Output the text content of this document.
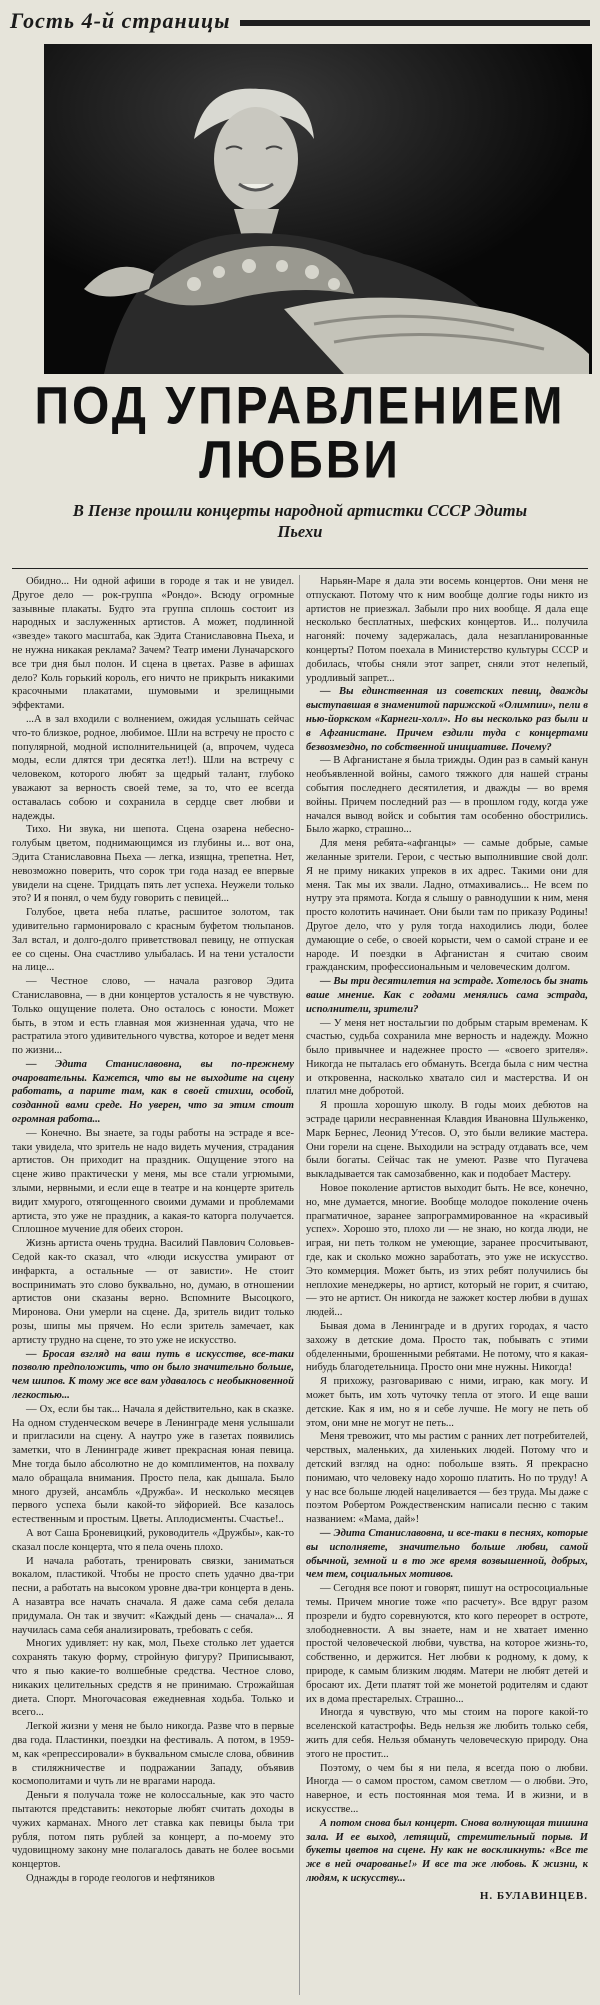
Гость 4-й страницы
ПОД УПРАВЛЕНИЕМ
ЛЮБВИ
В Пензе прошли концерты народной артистки СССР Эдиты Пьехи

Обидно... Ни одной афиши в городе я так и не увидел. Другое дело — рок-группа «Рондо». Всюду огромные зазывные плакаты. Будто эта группа сплошь состоит из народных и заслуженных артистов. А может, подлинной «звезде» такого масштаба, как Эдита Станиславовна Пьеха, и не нужна никакая реклама? Зачем? Театр имени Луначарского все три дня был полон. И сцена в цветах. Разве в афишах дело? Коль горький король, его ничто не прикрыть никакими красочными плакатами, шумовыми и зрелищными эффектами.

...А в зал входили с волнением, ожидая услышать сейчас что-то близкое, родное, любимое. Шли на встречу не просто с популярной, модной исполнительницей (а, впрочем, чудеса моды, если длятся три десятка лет!). Шли на встречу с человеком, которого любят за щедрый талант, глубоко уважают за верность своей теме, за то, что ее всегда оставалась собою и сохранила в сердце свет любви и надежды.

Тихо. Ни звука, ни шепота. Сцена озарена небесно-голубым цветом, поднимающимся из глубины и... вот она, Эдита Станиславовна Пьеха — легка, изящна, трепетна. Нет, невозможно поверить, что сорок три года назад ее впервые увидели на сцене. Тридцать пять лет успеха. Неужели только это? И я понял, о чем буду говорить с певицей...

Голубое, цвета неба платье, расшитое золотом, так удивительно гармонировало с красным буфетом тюльпанов. Зал встал, и долго-долго приветствовал певицу, не отпуская ее со сцены. Она счастливо улыбалась. И на тени усталости на лице...

— Честное слово, — начала разговор Эдита Станиславовна, — в дни концертов усталость я не чувствую. Только ощущение полета. Оно осталось с юности. Может быть, в этом и есть главная моя жизненная удача, что не растратила этого удивительного чувства, которое и ведет меня по жизни...

— Эдита Станиславовна, вы по-прежнему очаровательны. Кажется, что вы не выходите на сцену работать, а парите там, как в своей стихии, особой, созданной вами среде. Но уверен, что за этим стоит огромная работа...

— Конечно. Вы знаете, за годы работы на эстраде я все-таки увидела, что зритель не надо видеть мучения, страдания артистов. Он приходит на праздник. Ощущение этого на сцене живо практически у меня, мы все стали угрюмыми, злыми, нервными, и если еще в театре и на концерте зритель видит хмурого, отягощенного своими думами и проблемами артиста, это уже не праздник, а какая-то каторга получается. Сплошное мучение для обеих сторон.

Жизнь артиста очень трудна. Василий Павлович Соловьев-Седой как-то сказал, что «люди искусства умирают от инфаркта, а остальные — от зависти». Не стоит воспринимать это слово буквально, но, думаю, в отношении артистов они сказаны верно. Вспомните Высоцкого, Миронова. Они умерли на сцене. Да, зритель видит только розы, шипы мы прячем. Но если зритель замечает, как артисту трудно на сцене, то это уже не искусство.

— Бросая взгляд на ваш путь в искусстве, все-таки позволю предположить, что он было значительно больше, чем шипов. К тому же все вам удавалось с необыкновенной легкостью...

— Ох, если бы так... Начала я действительно, как в сказке. На одном студенческом вечере в Ленинграде меня услышали и пригласили на сцену. А наутро уже в газетах появились заметки, что в Ленинграде живет прекрасная юная певица. Мне тогда было абсолютно не до комплиментов, на похвалу мало обращала внимания. Просто пела, как дышала. Было много друзей, ансамбль «Дружба». И несколько месяцев первого успеха были какой-то эйфорией. Все казалось естественным и простым. Цветы. Аплодисменты. Счастье!..

А вот Саша Броневицкий, руководитель «Дружбы», как-то сказал после концерта, что я пела очень плохо.

И начала работать, тренировать связки, заниматься вокалом, пластикой. Чтобы не просто спеть удачно два-три песни, а работать на высоком уровне два-три концерта в день. А назавтра все начать сначала. Я даже сама себя делала придумала. Он так и звучит: «Каждый день — сначала»... Я научилась сама себя анализировать, требовать с себя.

Многих удивляет: ну как, мол, Пьехе столько лет удается сохранять такую форму, стройную фигуру? Приписывают, что я пью какие-то волшебные средства. Честное слово, никаких целительных средств я не принимаю. Строжайшая диета. Спорт. Многочасовая ежедневная ходьба. Только и всего...

Легкой жизни у меня не было никогда. Разве что в первые два года. Пластинки, поездки на фестиваль. А потом, в 1959-м, как «репрессировали» в буквальном смысле слова, обвинив в стиляжничестве и подражании Западу, объявив космополитами и чуть ли не врагами народа.

Деньги я получала тоже не колоссальные, как это часто пытаются представить: некоторые любят считать доходы в чужих карманах. Много лет ставка как певицы была три рубля, потом пять рублей за концерт, а по-моему это чудовищному закону мне полагалось давать не более восьми концертов.

Однажды в городе геологов и нефтяников

Нарьян-Маре я дала эти восемь концертов. Они меня не отпускают. Потому что к ним вообще долгие годы никто из артистов не приезжал. Забыли про них вообще. Я дала еще несколько бесплатных, шефских концертов. И... получила нагоняй: почему задержалась, дала незапланированные концерты? Потом поехала в Министерство культуры СССР и добилась, чтобы сняли этот запрет, сняли этот нелепый, уродливый запрет...

— Вы единственная из советских певиц, дважды выступавшая в знаменитой парижской «Олимпии», пели в нью-йоркском «Карнеги-холл». Но вы несколько раз были и в Афганистане. Причем ездили туда с концертами безвозмездно, по собственной инициативе. Почему?

— В Афганистане я была трижды. Один раз в самый канун необъявленной войны, самого тяжкого для нашей страны события последнего десятилетия, и дважды — во время войны. Причем последний раз — в прошлом году, когда уже начался вывод войск и события там особенно обострились. Было жарко, страшно...

Для меня ребята-«афганцы» — самые добрые, самые желанные зрители. Герои, с честью выполнившие свой долг. Я не приму никаких упреков в их адрес. Такими они для меня. Так мы их звали. Ладно, отмахивались... Не всем по нутру эта прямота. Когда я слышу о равнодушии к ним, меня просто колотить начинает. Они были там по приказу Родины! Другое дело, что у руля тогда находились люди, более думающие о себе, о своей корысти, чем о самой стране и ее народе. И поездки в Афганистан я считаю своим гражданским, профессиональным и человеческим долгом.

— Вы три десятилетия на эстраде. Хотелось бы знать ваше мнение. Как с годами менялись сама эстрада, исполнители, зрители?

— У меня нет ностальгии по добрым старым временам. К счастью, судьба сохранила мне верность и надежду. Можно было привычнее и надежнее просто — «своего зрителя». Никогда не пыталась его обмануть. Всегда была с ним честна и откровенна, насколько хватало сил и мастерства. И он платил мне добротой.

Я прошла хорошую школу. В годы моих дебютов на эстраде царили несравненная Клавдия Ивановна Шульженко, Марк Бернес, Леонид Утесов. О, это были великие мастера. Они горели на сцене. Выходили на эстраду отдавать все, чем были богаты. Сейчас так не умеют. Разве что Пугачева выкладывается так самозабвенно, как и подобает Мастеру.

Новое поколение артистов выходит быть. Не все, конечно, но, мне думается, многие. Вообще молодое поколение очень прагматичное, заранее запрограммированное на «красивый успех». Хорошо это, плохо ли — не знаю, но когда люди, не играя, ни петь толком не умеющие, заранее просчитывают, где, как и сколько можно заработать, это уже не искусство. Это коммерция. Может быть, из этих ребят получились бы неплохие менеджеры, но артист, который не горит, я считаю, — это не артист. Он никогда не зажжет костер любви в душах людей...

Бывая дома в Ленинграде и в других городах, я часто захожу в детские дома. Просто так, побывать с этими обделенными, брошенными ребятами. Не потому, что я какая-нибудь благодетельница. Просто они мне нужны. Никогда!

Я прихожу, разговариваю с ними, играю, как могу. И может быть, им хоть чуточку тепла от этого. И еще ваши детские. Как я им, но я и себе лучше. Не могу не петь об этом, они мне не могут не петь...

Меня тревожит, что мы растим с ранних лет потребителей, черствых, маленьких, да хиленьких людей. Потому что и детский взгляд на одно: побольше взять. Я прекрасно понимаю, что человеку надо хорошо платить. Но по труду! А у нас все больше людей нацеливается — без труда. Мы даже с поэтом Робертом Рождественским написали песню с таким названием: «Мама, дай»!

— Эдита Станиславовна, и все-таки в песнях, которые вы исполняете, значительно больше любви, самой обычной, земной и в то же время возвышенной, добрых, чем тем, социальных мотивов.

— Сегодня все поют и говорят, пишут на остросоциальные темы. Причем многие тоже «по расчету». Все вдруг разом прозрели и будто соревнуются, кто кого переорет в остроте, злободневности. А вы знаете, нам и не хватает именно простой человеческой любви, чувства, на которое жизнь-то, собственно, и держится. Нет любви к родному, к дому, к природе, к самым близким людям. Матери не любят детей и бросают их. Дети платят той же монетой родителям и сдают их в дома престарелых. Страшно...

Иногда я чувствую, что мы стоим на пороге какой-то вселенской катастрофы. Ведь нельзя же любить только себя, жить для себя. Нельзя обмануть человеческую природу. Она этого не простит...

Поэтому, о чем бы я ни пела, я всегда пою о любви. Иногда — о самом простом, самом светлом — о любви. Это, наверное, и есть постоянная моя тема. И в жизни, и в искусстве...

А потом снова был концерт. Снова волнующая тишина зала. И ее выход, летящий, стремительный порыв. И букеты цветов на сцене. Ну как не воскликнуть: «Все те же в ней очарованье!» И все та же любовь. К жизни, к людям, к искусству...

Н. БУЛАВИНЦЕВ.
